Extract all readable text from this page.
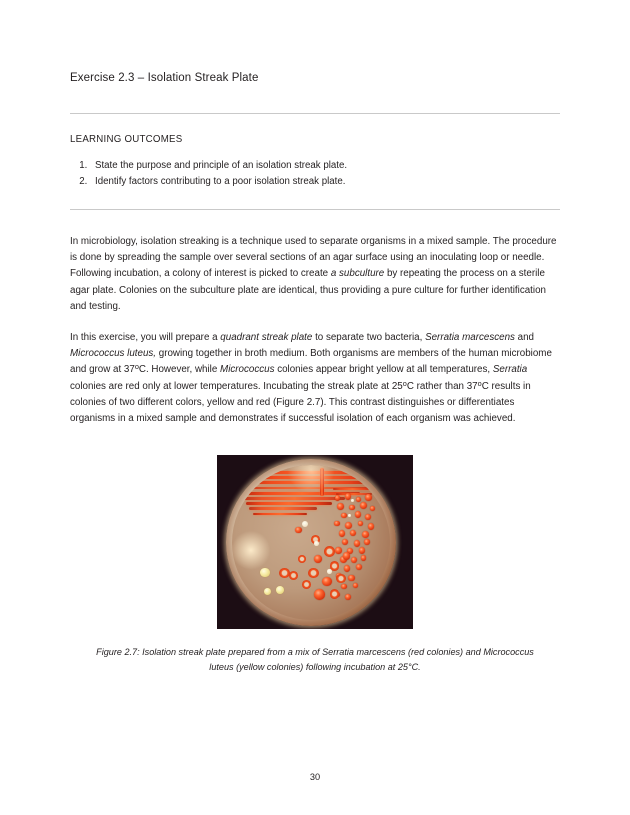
Exercise 2.3 – Isolation Streak Plate
LEARNING OUTCOMES
1. State the purpose and principle of an isolation streak plate.
2. Identify factors contributing to a poor isolation streak plate.

In microbiology, isolation streaking is a technique used to separate organisms in a mixed sample. The procedure is done by spreading the sample over several sections of an agar surface using an inoculating loop or needle. Following incubation, a colony of interest is picked to create a subculture by repeating the process on a sterile agar plate. Colonies on the subculture plate are identical, thus providing a pure culture for further identification and testing.

In this exercise, you will prepare a quadrant streak plate to separate two bacteria, Serratia marcescens and Micrococcus luteus, growing together in broth medium. Both organisms are members of the human microbiome and grow at 37$^o$C. However, while Micrococcus colonies appear bright yellow at all temperatures, Serratia colonies are red only at lower temperatures. Incubating the streak plate at 25$^o$C rather than 37$^o$C results in colonies of two different colors, yellow and red (Figure 2.7). This contrast distinguishes or differentiates organisms in a mixed sample and demonstrates if successful isolation of each organism was achieved.

Figure 2.7: Isolation streak plate prepared from a mix of Serratia marcescens (red colonies) and Micrococcus luteus (yellow colonies) following incubation at 25°C.
30
